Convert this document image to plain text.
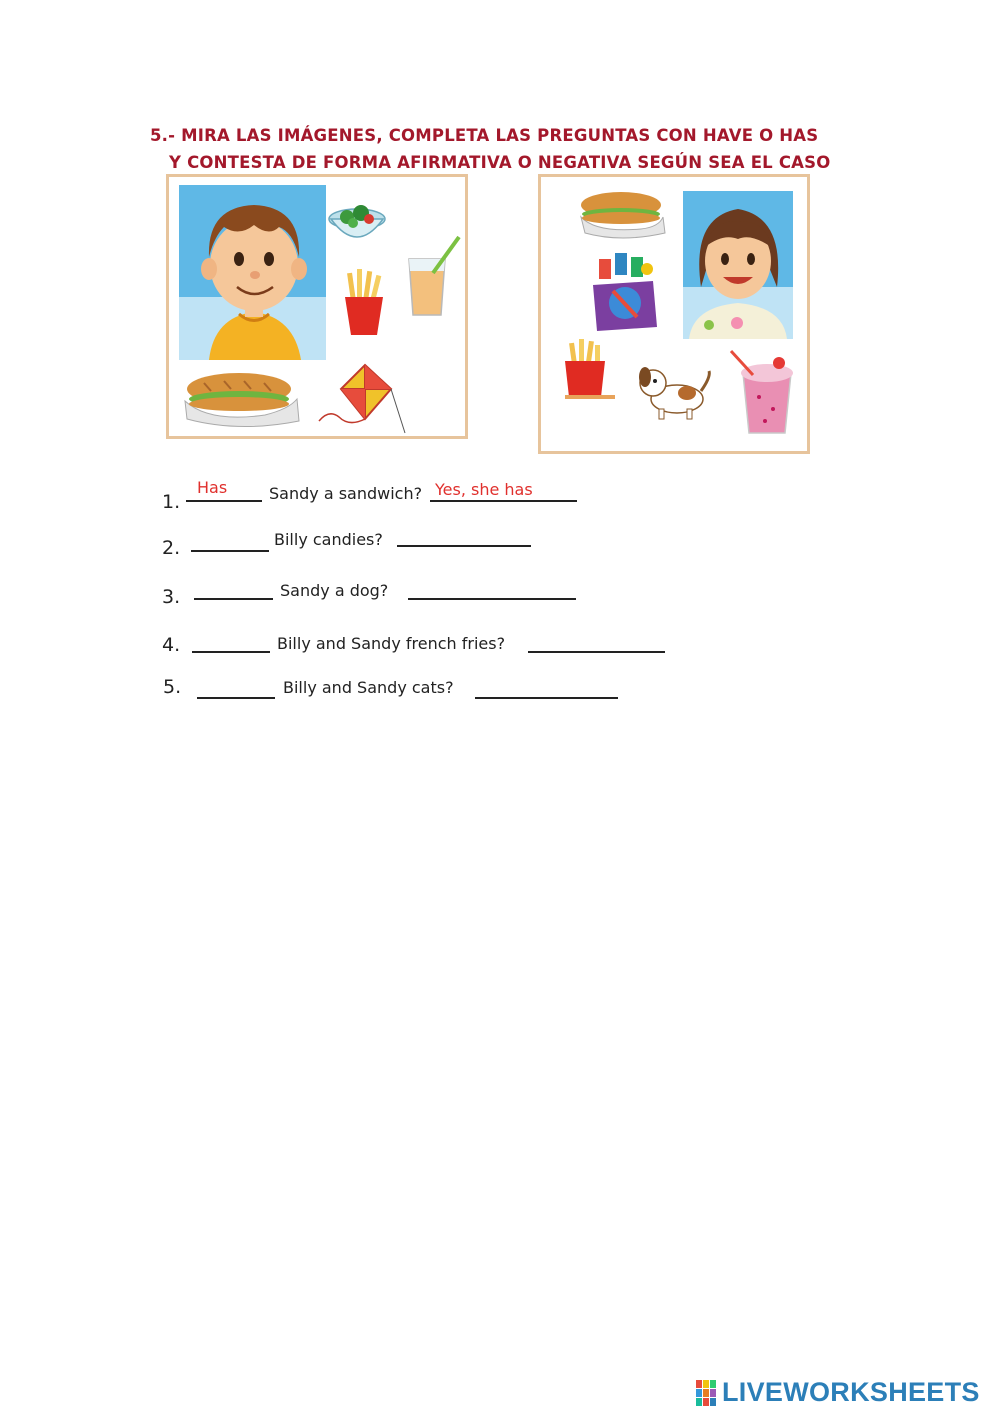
5.- MIRA LAS IMÁGENES, COMPLETA LAS PREGUNTAS CON HAVE O HAS
Y CONTESTA DE FORMA AFIRMATIVA O NEGATIVA SEGÚN SEA EL CASO
1.
Has	Sandy a sandwich? Yes, she has
2.	Billy candies?
3.	Sandy a dog?
4.	Billy and Sandy french fries?
5.	Billy and Sandy cats?
LIVEWORKSHEETS
